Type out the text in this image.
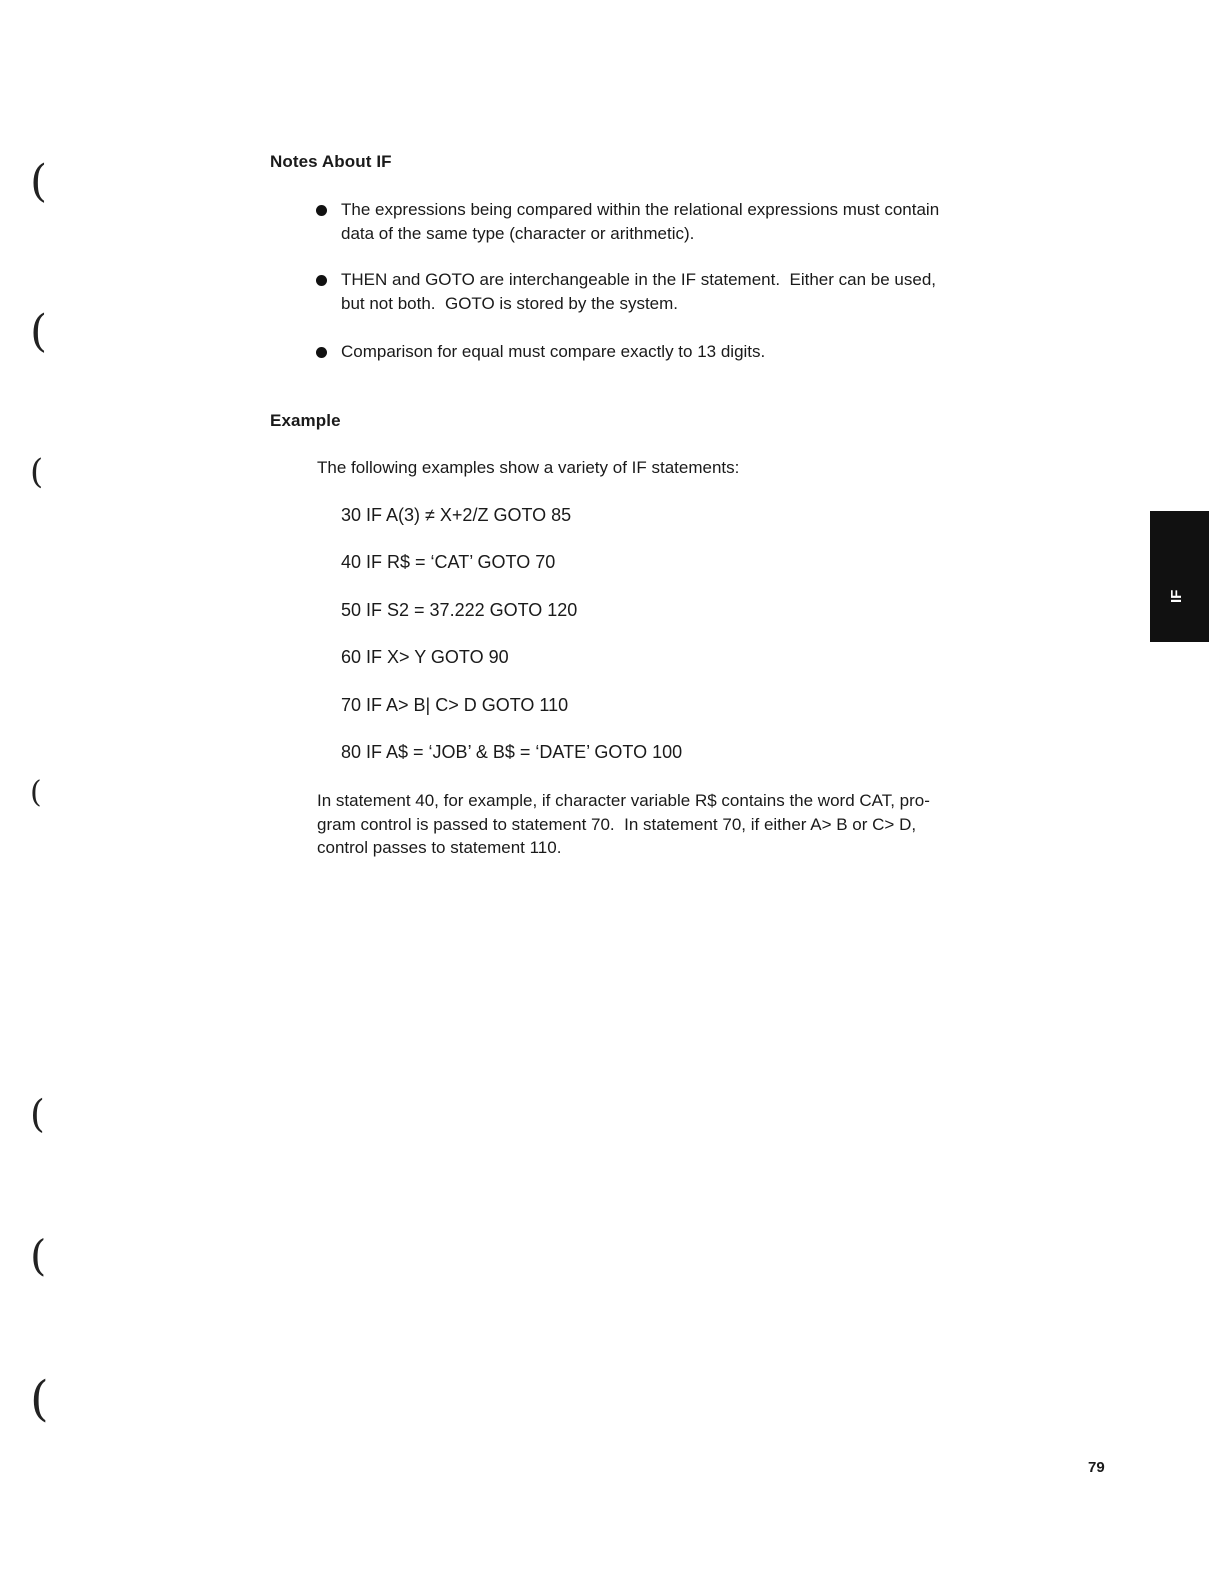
(
(
(
(
(
(
(
Notes About IF
The expressions being compared within the relational expressions must contain
data of the same type (character or arithmetic).
THEN and GOTO are interchangeable in the IF statement.  Either can be used,
but not both.  GOTO is stored by the system.
Comparison for equal must compare exactly to 13 digits.
Example
The following examples show a variety of IF statements:
30 IF A(3) ≠ X+2/Z GOTO 85
40 IF R$ = ‘CAT’ GOTO 70
50 IF S2 = 37.222 GOTO 120
60 IF X> Y GOTO 90
70 IF A> B| C> D GOTO 110
80 IF A$ = ‘JOB’ & B$ = ‘DATE’ GOTO 100
In statement 40, for example, if character variable R$ contains the word CAT, pro-
gram control is passed to statement 70.  In statement 70, if either A> B or C> D,
control passes to statement 110.
IF
79
